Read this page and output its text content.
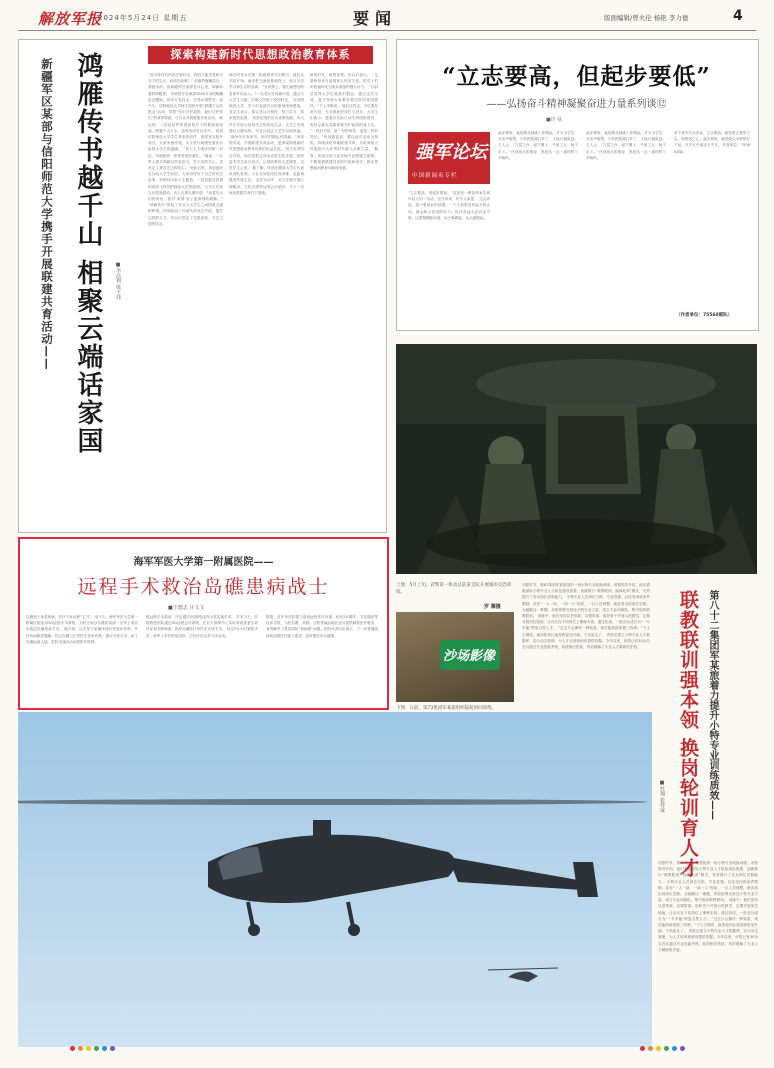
解放军报
2024年5月24日 星期五	要闻	版面编辑/曾火伦 杨艳 李力德	4
探索构建新时代思想政治教育体系
新疆军区某部与信阳师范大学携手开展联建共育活动—— 鸿雁传书越千山 相聚云端话家国	■李高利 梁子玮
“因为有你们的坚守和付出，我们才能享受和平安宁的生活，向你们致敬！” 前夏的喀喇昆仑，寒意未消，但新疆军区某部官兵心里，却涌动着阵阵暖意。 该部驻守在海拔5000多米的喀喇昆仑腹地，常年大雪封山，自然环境恶劣。前不久，信阳师范大学师生组织开展“跨越千山的思念”活动，带着“你们守护祖国，我们守护你们”的真挚情感，与官兵开展联建共育活动。 就这样，一封封信件带着高校学子的敬意和祝福，跨越千山万水，送到该部官兵手中。 收到信阳师范大学学生寄来的信件，该部官兵格外高兴。大家争相传阅，从字里行间感受着来自祖国大学生的温暖。 “我上士王强读到第一封信，仿佛看到一张张青春的面孔。”他说，一名军人面对奉献自然有担当，学子们的关心，更坚定了我们守边的信心。 受此启发，该部组织官兵给大学生回信。大家纷纷写下自己的戍边故事、训练经历和人生感悟，一封封饱含真情的回信飞向信阳师范大学的校园。 大学生们读完后很受感动，有人在朋友圈写道：“读着官兵们的来信，我对‘家国’有了更深刻的理解。” “鸿雁传书”搭起了官兵与大学生之间情感交流的桥梁。该部政治工作部负责同志介绍，通过这样的方式，官兵们坚定了扎根高原、守边卫国的信念。
那边的官兵们第一批就被青年们吸引。他们从书信开始，逐步把交流延伸到线上，相互分享学习和生活的点滴。 “在高原上，我们最想念的是家乡的亲人。”一名老兵在视频中说，通过与大学生交流，仿佛又回到了校园时光。 在信阳师范大学，学子们也被官兵的事迹深深感染。有学生表示，要以官兵为榜样，努力学习，将来报效祖国。 该部还组织官兵录制视频，向大学生们展示高原戍边的真实生活；大学生们则通过云端连线，为官兵送去文艺节目和祝福。 “战争年代有家书，和平时期也有鸿雁。”该部领导说，开展联建共育活动，是探索构建新时代思想政治教育体系的有益尝试。 校方负责同志介绍，他们将把这项活动常态化开展，组织更多学生参与其中，让国防教育走进课堂、走进学生心里。 据了解，该部还邀请大学生代表来部队参观，与官兵同吃同住同训练，近距离感受军营生活。 此次活动中，双方还就开展心理服务、文化共建等达成合作意向，为下一步深化联建共育打下基础。
新的时代，新的征程。官兵们表示，一定要珍惜来自祖国和人民的关爱，把学子们的祝福转化为练兵备战的强大动力。 “以前总觉得大学生离我们很远，通过这次交流，我才发现大家都有着同样的家国情怀。”下士李明说。 他们还约定，今后要经常写信，分享彼此的成长与进步。大学生们表示，愿意以实际行动支持国防建设，有机会要去高原看看守护祖国的战士们。 “一封封书信，是一份份牵挂，更是一份份责任。”该部政委说，要以此次活动为契机，持续深化军地联建共育，为培养担当民族复兴大任的时代新人贡献力量。 据悉，该部还将与更多地方高校建立联系，不断拓展联建共育的内容和形式，推动思想政治教育向纵深发展。
“立志要高，但起步要低”
——弘扬奋斗精神凝聚奋进力量系列谈⑫
■许 弦
强军论坛
中国新闻名专栏
“立志要高，但起步要低。”这是老一辈革命家告诫年轻人的一句话，至今读来，仍令人深思。 立志高远，是干事创业的前提。一个人如果没有远大的志向，就会缺少前进的动力。但仅有远大志向还不够，还需要脚踏实地，从小事做起，从点滴做起。
起步要低，就是要从基础工作做起，甘当小学生，甘坐冷板凳。只有把基础打牢了，才能行稳致远。 古人云：“九层之台，起于累土；千里之行，始于足下。”任何伟大的事业，都是从一点一滴的努力开始的。
起步要低，就是要从基础工作做起，甘当小学生，甘坐冷板凳。只有把基础打牢了，才能行稳致远。 古人云：“九层之台，起于累土；千里之行，始于足下。”任何伟大的事业，都是从一点一滴的努力开始的。
对于青年官兵来说，立志要高，就是要立强军之志，树报国之心；起步要低，就是要从本职岗位干起，在平凡中创造不平凡。 作者单位：75560部队
（作者单位：75560部队）
海军军医大学第一附属医院——
远程手术救治岛礁患病战士
■王德志 汪文文
岛礁战士身患疾病，医疗专家远程“主刀”。前不久，海军军医大学第一附属医院运用5G远程手术系统，为驻守南沙岛礁的某部一名军士成功实施急性阑尾炎手术。 据介绍，这名军士前期体检时发现有异常，并伴有间歇性腹痛。经过岛礁卫生所医生初步诊断，建议尽快手术。由于岛礁远离大陆，医院迅速启动远程医疗机制。
展远程手术救治，决定通过5G网络连线为其实施手术。 手术当天，医院教授团队通过5G远程会诊系统，在后方指挥中心实时查看患者生命体征和术野画面，指导岛礁医疗所医生完成手术。 经过约1小时紧张手术，该军士术后恢复良好，已经可以正常下床活动。
据悉，近年来医院着力建设远程医疗体系，依托5G网络、卫星通信等技术手段，为驻岛礁、高原、边防等偏远地区官兵提供精准医疗服务，有效解决了基层部队“看病难”问题。医院负责同志表示，下一步将继续深化远程医疗能力建设，更好服务官兵健康。
上图：5月上旬，武警第一机动总队某支队开展城市反恐训练。
罗 寨摄
沙场影像
下图：日前，第73集团军某旅组织陆航协同训练。
初夏时节，第82集团军某旅组织一场小特专业轮换训练。该旅领导介绍，他们着眼部队小特专业人才队伍建设需要，创新推行“联教联训、换岗轮训”模式，有效提升了官兵岗位任职能力。 小特专业人员岗位分散、专业性强，以往受训练条件限制，存在“一人一岗、一岗一人”现象，一旦人员调整，就容易出现岗位空缺。为破解这一难题，该旅统筹各营连小特专业力量，成立专业训练队，集中组织联教联训。 训练中，他们坚持以老带新、以强带弱，组织骨干开展示范教学，定期开展岗位轮换，让官兵在不同岗位上锤炼本领。通过轮训，一批官兵成长为“一专多能”的复合型人才。 “过去只会操作一种装备，现在能熟练掌握三四种。”下士王刚说，换岗轮训让他视野更加开阔，干劲更足了。 该旅还建立小特专业人才数据库，实行动态管理，为人才培养和使用提供依据。今年以来，该旅已有30余名官兵通过专业技能考核，取得相应资质，有效缓解了专业人才紧缺的矛盾。
初夏时节，第82集团军某旅组织一场小特专业轮换训练。该旅领导介绍，他们着眼部队小特专业人才队伍建设需要，创新推行“联教联训、换岗轮训”模式，有效提升了官兵岗位任职能力。 小特专业人员岗位分散、专业性强，以往受训练条件限制，存在“一人一岗、一岗一人”现象，一旦人员调整，就容易出现岗位空缺。为破解这一难题，该旅统筹各营连小特专业力量，成立专业训练队，集中组织联教联训。 训练中，他们坚持以老带新、以强带弱，组织骨干开展示范教学，定期开展岗位轮换，让官兵在不同岗位上锤炼本领。通过轮训，一批官兵成长为“一专多能”的复合型人才。 “过去只会操作一种装备，现在能熟练掌握三四种。”下士王刚说，换岗轮训让他视野更加开阔，干劲更足了。 该旅还建立小特专业人才数据库，实行动态管理，为人才培养和使用提供依据。今年以来，该旅已有30余名官兵通过专业技能考核，取得相应资质，有效缓解了专业人才紧缺的矛盾。
第八十二集团军某旅着力提升小特专业训练质效——
联教联训强本领 换岗轮训育人才
■杜翔 张祥成
